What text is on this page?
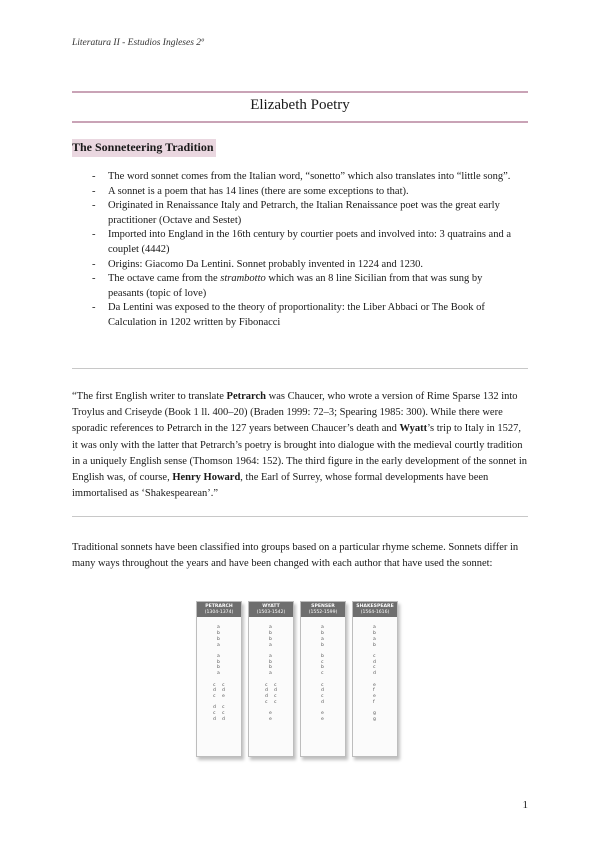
Literatura II - Estudios Ingleses 2º
Elizabeth Poetry
The Sonneteering Tradition
- The word sonnet comes from the Italian word, “sonetto” which also translates into “little song”.
- A sonnet is a poem that has 14 lines (there are some exceptions to that).
- Originated in Renaissance Italy and Petrarch, the Italian Renaissance poet was the great early practitioner (Octave and Sestet)
- Imported into England in the 16th century by courtier poets and involved into: 3 quatrains and a couplet (4442)
- Origins: Giacomo Da Lentini. Sonnet probably invented in 1224 and 1230.
- The octave came from the strambotto which was an 8 line Sicilian from that was sung by peasants (topic of love)
- Da Lentini was exposed to the theory of proportionality: the Liber Abbaci or The Book of Calculation in 1202 written by Fibonacci
“The first English writer to translate Petrarch was Chaucer, who wrote a version of Rime Sparse 132 into Troylus and Criseyde (Book 1 ll. 400–20) (Braden 1999: 72–3; Spearing 1985: 300). While there were sporadic references to Petrarch in the 127 years between Chaucer’s death and Wyatt’s trip to Italy in 1527, it was only with the latter that Petrarch’s poetry is brought into dialogue with the medieval courtly tradition in a uniquely English sense (Thomson 1964: 152). The third figure in the early development of the sonnet in English was, of course, Henry Howard, the Earl of Surrey, whose formal developments have been immortalised as ‘Shakespearean’.”
Traditional sonnets have been classified into groups based on a particular rhyme scheme. Sonnets differ in many ways throughout the years and have been changed with each author that have used the sonnet:
PETRARCH
(1304-1374)
a
b
b
a
a
b
b
a
c c
d d
c e
d c
c c
d d
WYATT
(1503-1542)
a
b
b
a
a
b
b
a
c c
d d
d c
c c
e
e
SPENSER
(1552-1599)
a
b
a
b
b
c
b
c
c
d
c
d
e
e
SHAKESPEARE
(1564-1616)
a
b
a
b
c
d
c
d
e
f
e
f
g
g
1
